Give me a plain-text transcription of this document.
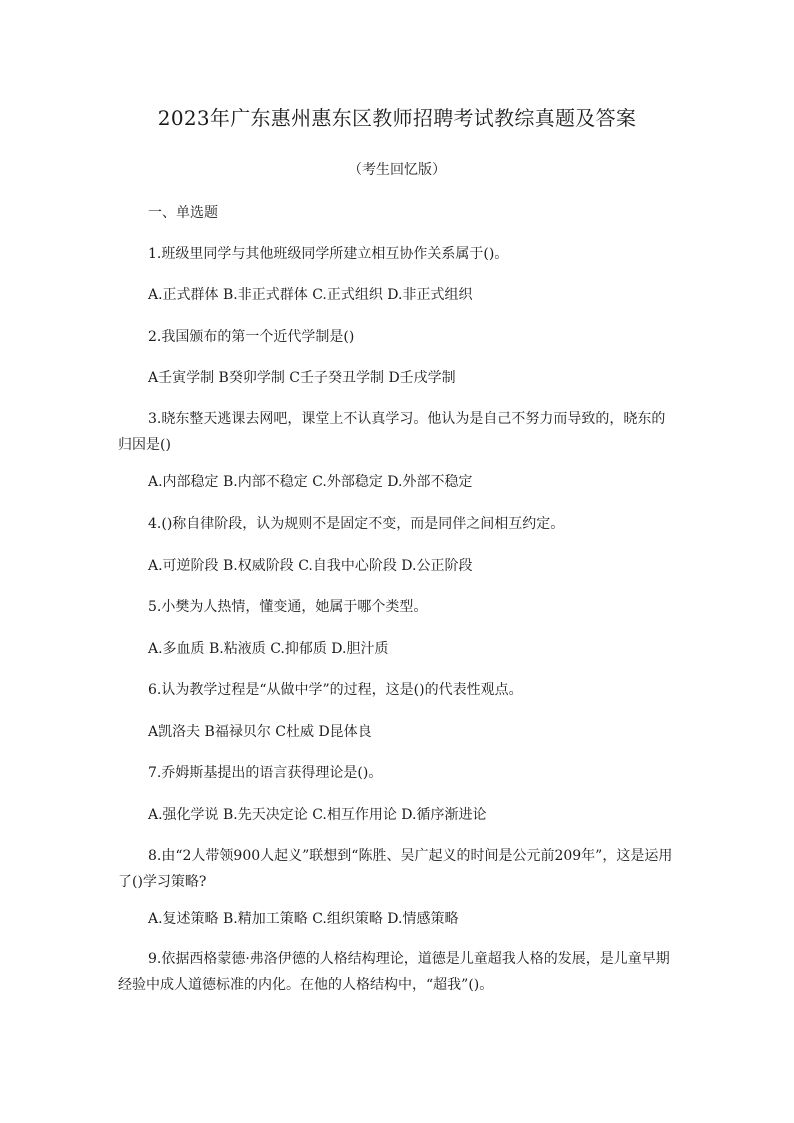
2023年广东惠州惠东区教师招聘考试教综真题及答案
（考生回忆版）
一、单选题
1.班级里同学与其他班级同学所建立相互协作关系属于()。
A.正式群体 B.非正式群体 C.正式组织 D.非正式组织
2.我国颁布的第一个近代学制是()
A壬寅学制 B癸卯学制 C壬子癸丑学制 D壬戌学制
3.晓东整天逃课去网吧，课堂上不认真学习。他认为是自己不努力而导致的，晓东的归因是()
A.内部稳定 B.内部不稳定 C.外部稳定 D.外部不稳定
4.()称自律阶段，认为规则不是固定不变，而是同伴之间相互约定。
A.可逆阶段 B.权威阶段 C.自我中心阶段 D.公正阶段
5.小樊为人热情，懂变通，她属于哪个类型。
A.多血质 B.粘液质 C.抑郁质 D.胆汁质
6.认为教学过程是“从做中学”的过程，这是()的代表性观点。
A凯洛夫 B福禄贝尔 C杜威 D昆体良
7.乔姆斯基提出的语言获得理论是()。
A.强化学说 B.先天决定论 C.相互作用论 D.循序渐进论
8.由“2人带领900人起义”联想到“陈胜、吴广起义的时间是公元前209年”，这是运用了()学习策略?
A.复述策略 B.精加工策略 C.组织策略 D.情感策略
9.依据西格蒙德·弗洛伊德的人格结构理论，道德是儿童超我人格的发展，是儿童早期经验中成人道德标准的内化。在他的人格结构中，“超我”()。
